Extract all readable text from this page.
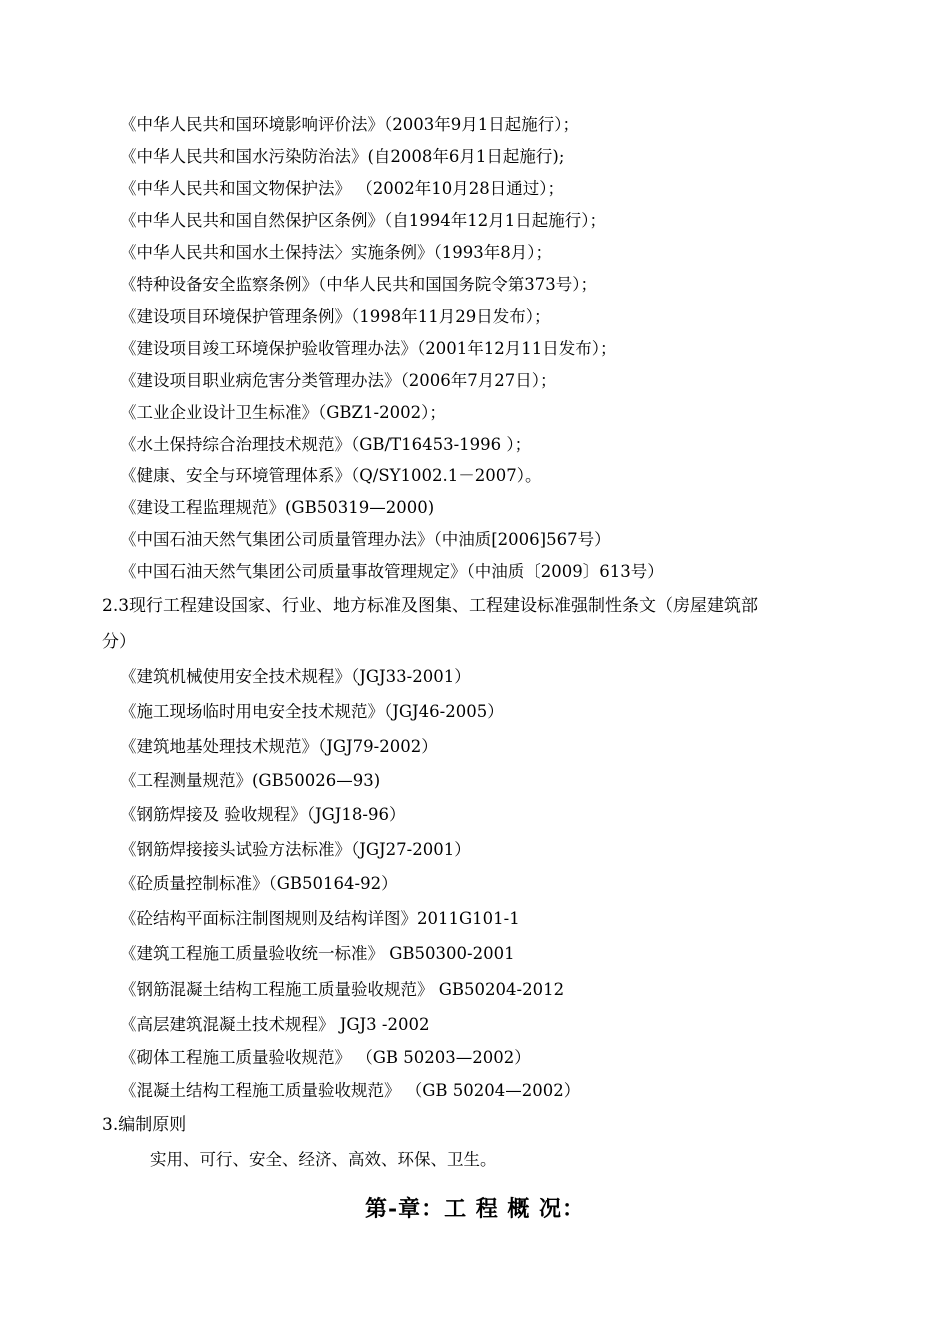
《中华人民共和国环境影响评价法》（2003年9月1日起施行）；
《中华人民共和国水污染防治法》(自2008年6月1日起施行);
《中华人民共和国文物保护法》 （2002年10月28日通过）；
《中华人民共和国自然保护区条例》（自1994年12月1日起施行）；
《中华人民共和国水土保持法〉实施条例》（1993年8月）；
《特种设备安全监察条例》（中华人民共和国国务院令第373号）；
《建设项目环境保护管理条例》（1998年11月29日发布）；
《建设项目竣工环境保护验收管理办法》（2001年12月11日发布）；
《建设项目职业病危害分类管理办法》（2006年7月27日）；
《工业企业设计卫生标准》（GBZ1-2002）；
《水土保持综合治理技术规范》（GB/T16453-1996 ）；
《健康、安全与环境管理体系》（Q/SY1002.1－2007）。
《建设工程监理规范》(GB50319—2000)
《中国石油天然气集团公司质量管理办法》（中油质[2006]567号）
《中国石油天然气集团公司质量事故管理规定》（中油质〔2009〕613号）
2.3现行工程建设国家、行业、地方标准及图集、工程建设标准强制性条文（房屋建筑部
分）
《建筑机械使用安全技术规程》（JGJ33-2001）
《施工现场临时用电安全技术规范》（JGJ46-2005）
《建筑地基处理技术规范》（JGJ79-2002）
《工程测量规范》(GB50026—93)
《钢筋焊接及 验收规程》（JGJ18-96）
《钢筋焊接接头试验方法标准》（JGJ27-2001）
《砼质量控制标准》（GB50164-92）
《砼结构平面标注制图规则及结构详图》2011G101-1
《建筑工程施工质量验收统一标准》 GB50300-2001
《钢筋混凝土结构工程施工质量验收规范》 GB50204-2012
《高层建筑混凝土技术规程》 JGJ3 -2002
《砌体工程施工质量验收规范》 （GB 50203—2002）
《混凝土结构工程施工质量验收规范》 （GB 50204—2002）
3.编制原则
实用、可行、安全、经济、高效、环保、卫生。
第-章：工 程 概 况：
